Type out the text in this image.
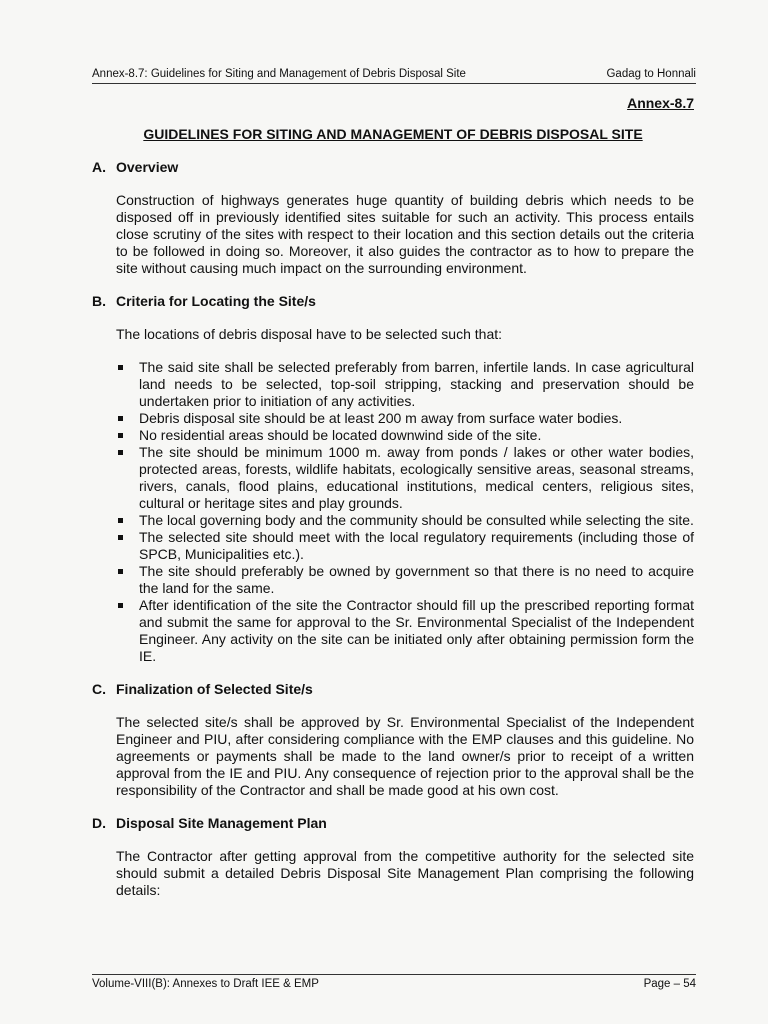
Annex-8.7: Guidelines for Siting and Management of Debris Disposal Site	Gadag to Honnali
Annex-8.7
GUIDELINES FOR SITING AND MANAGEMENT OF DEBRIS DISPOSAL SITE
A. Overview

Construction of highways generates huge quantity of building debris which needs to be disposed off in previously identified sites suitable for such an activity. This process entails close scrutiny of the sites with respect to their location and this section details out the criteria to be followed in doing so. Moreover, it also guides the contractor as to how to prepare the site without causing much impact on the surrounding environment.

B. Criteria for Locating the Site/s

The locations of debris disposal have to be selected such that:

The said site shall be selected preferably from barren, infertile lands. In case agricultural land needs to be selected, top-soil stripping, stacking and preservation should be undertaken prior to initiation of any activities.
Debris disposal site should be at least 200 m away from surface water bodies.
No residential areas should be located downwind side of the site.
The site should be minimum 1000 m. away from ponds / lakes or other water bodies, protected areas, forests, wildlife habitats, ecologically sensitive areas, seasonal streams, rivers, canals, flood plains, educational institutions, medical centers, religious sites, cultural or heritage sites and play grounds.
The local governing body and the community should be consulted while selecting the site.
The selected site should meet with the local regulatory requirements (including those of SPCB, Municipalities etc.).
The site should preferably be owned by government so that there is no need to acquire the land for the same.
After identification of the site the Contractor should fill up the prescribed reporting format and submit the same for approval to the Sr. Environmental Specialist of the Independent Engineer. Any activity on the site can be initiated only after obtaining permission form the IE.
C. Finalization of Selected Site/s

The selected site/s shall be approved by Sr. Environmental Specialist of the Independent Engineer and PIU, after considering compliance with the EMP clauses and this guideline. No agreements or payments shall be made to the land owner/s prior to receipt of a written approval from the IE and PIU. Any consequence of rejection prior to the approval shall be the responsibility of the Contractor and shall be made good at his own cost.

D. Disposal Site Management Plan

The Contractor after getting approval from the competitive authority for the selected site should submit a detailed Debris Disposal Site Management Plan comprising the following details:

Volume-VIII(B): Annexes to Draft IEE & EMP	Page – 54
